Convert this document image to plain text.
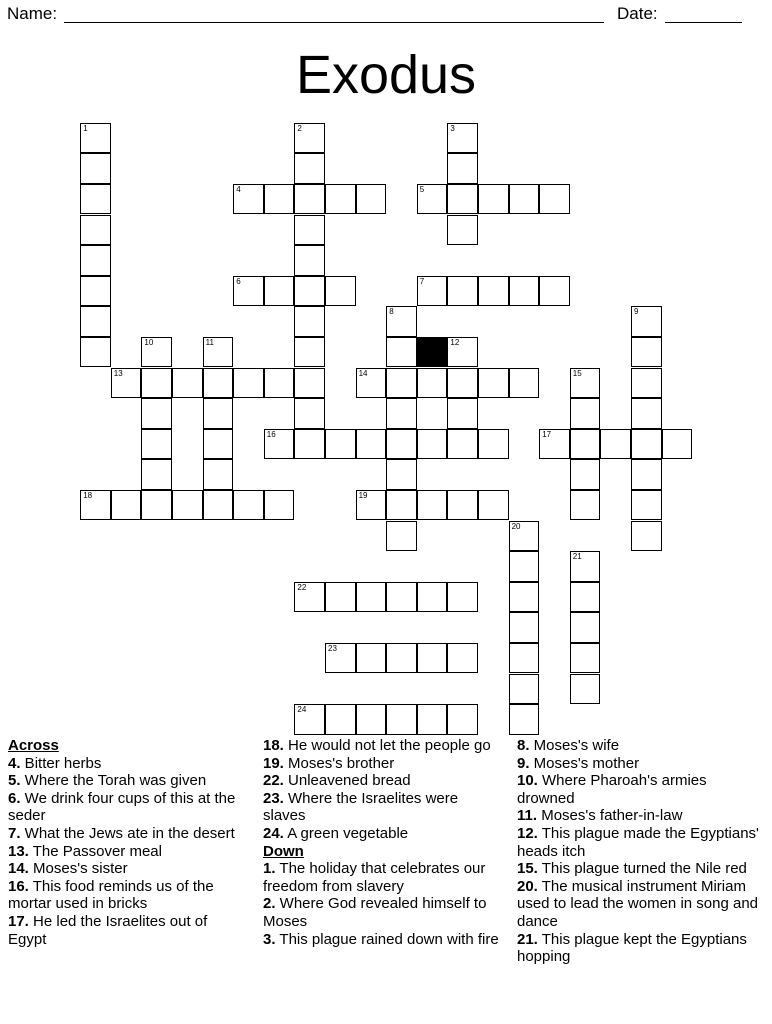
Name:	Date:
Exodus
1	2	3
4	5
6	7
8	9
10	11	12
13	14	15
16	17
18	19
20
21
22
23
24

Across

4. Bitter herbs

5. Where the Torah was given

6. We drink four cups of this at the seder

7. What the Jews ate in the desert

13. The Passover meal

14. Moses's sister

16. This food reminds us of the mortar used in bricks

17. He led the Israelites out of Egypt

18. He would not let the people go

19. Moses's brother

22. Unleavened bread

23. Where the Israelites were slaves

24. A green vegetable

Down

1. The holiday that celebrates our freedom from slavery

2. Where God revealed himself to Moses

3. This plague rained down with fire

8. Moses's wife

9. Moses's mother

10. Where Pharoah's armies drowned

11. Moses's father-in-law

12. This plague made the Egyptians' heads itch

15. This plague turned the Nile red

20. The musical instrument Miriam used to lead the women in song and dance

21. This plague kept the Egyptians hopping
